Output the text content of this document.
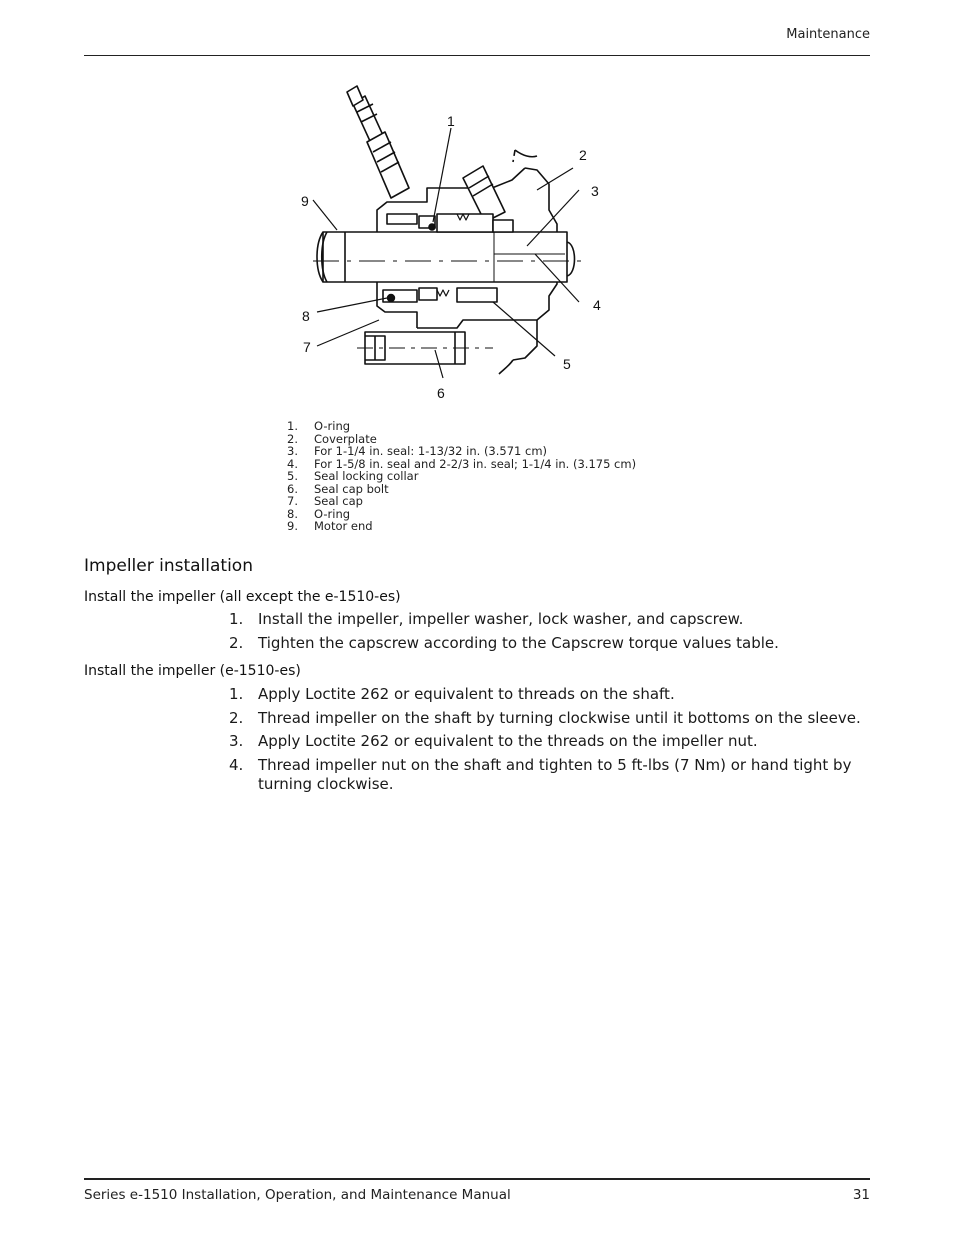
Maintenance
1
2
3
4
5
6
7
8
9
1.	O-ring
2.	Coverplate
3.	For 1-1/4 in. seal: 1-13/32 in. (3.571 cm)
4.	For 1-5/8 in. seal and 2-2/3 in. seal; 1-1/4 in. (3.175 cm)
5.	Seal locking collar
6.	Seal cap bolt
7.	Seal cap
8.	O-ring
9.	Motor end
Impeller installation
Install the impeller (all except the e-1510-es)
1. Install the impeller, impeller washer, lock washer, and capscrew.
2. Tighten the capscrew according to the Capscrew torque values table.
Install the impeller (e-1510-es)
1. Apply Loctite 262 or equivalent to threads on the shaft.
2. Thread impeller on the shaft by turning clockwise until it bottoms on the sleeve.
3. Apply Loctite 262 or equivalent to the threads on the impeller nut.
4. Thread impeller nut on the shaft and tighten to 5 ft-lbs (7 Nm) or hand tight by turning clockwise.
Series e-1510 Installation, Operation, and Maintenance Manual	31
